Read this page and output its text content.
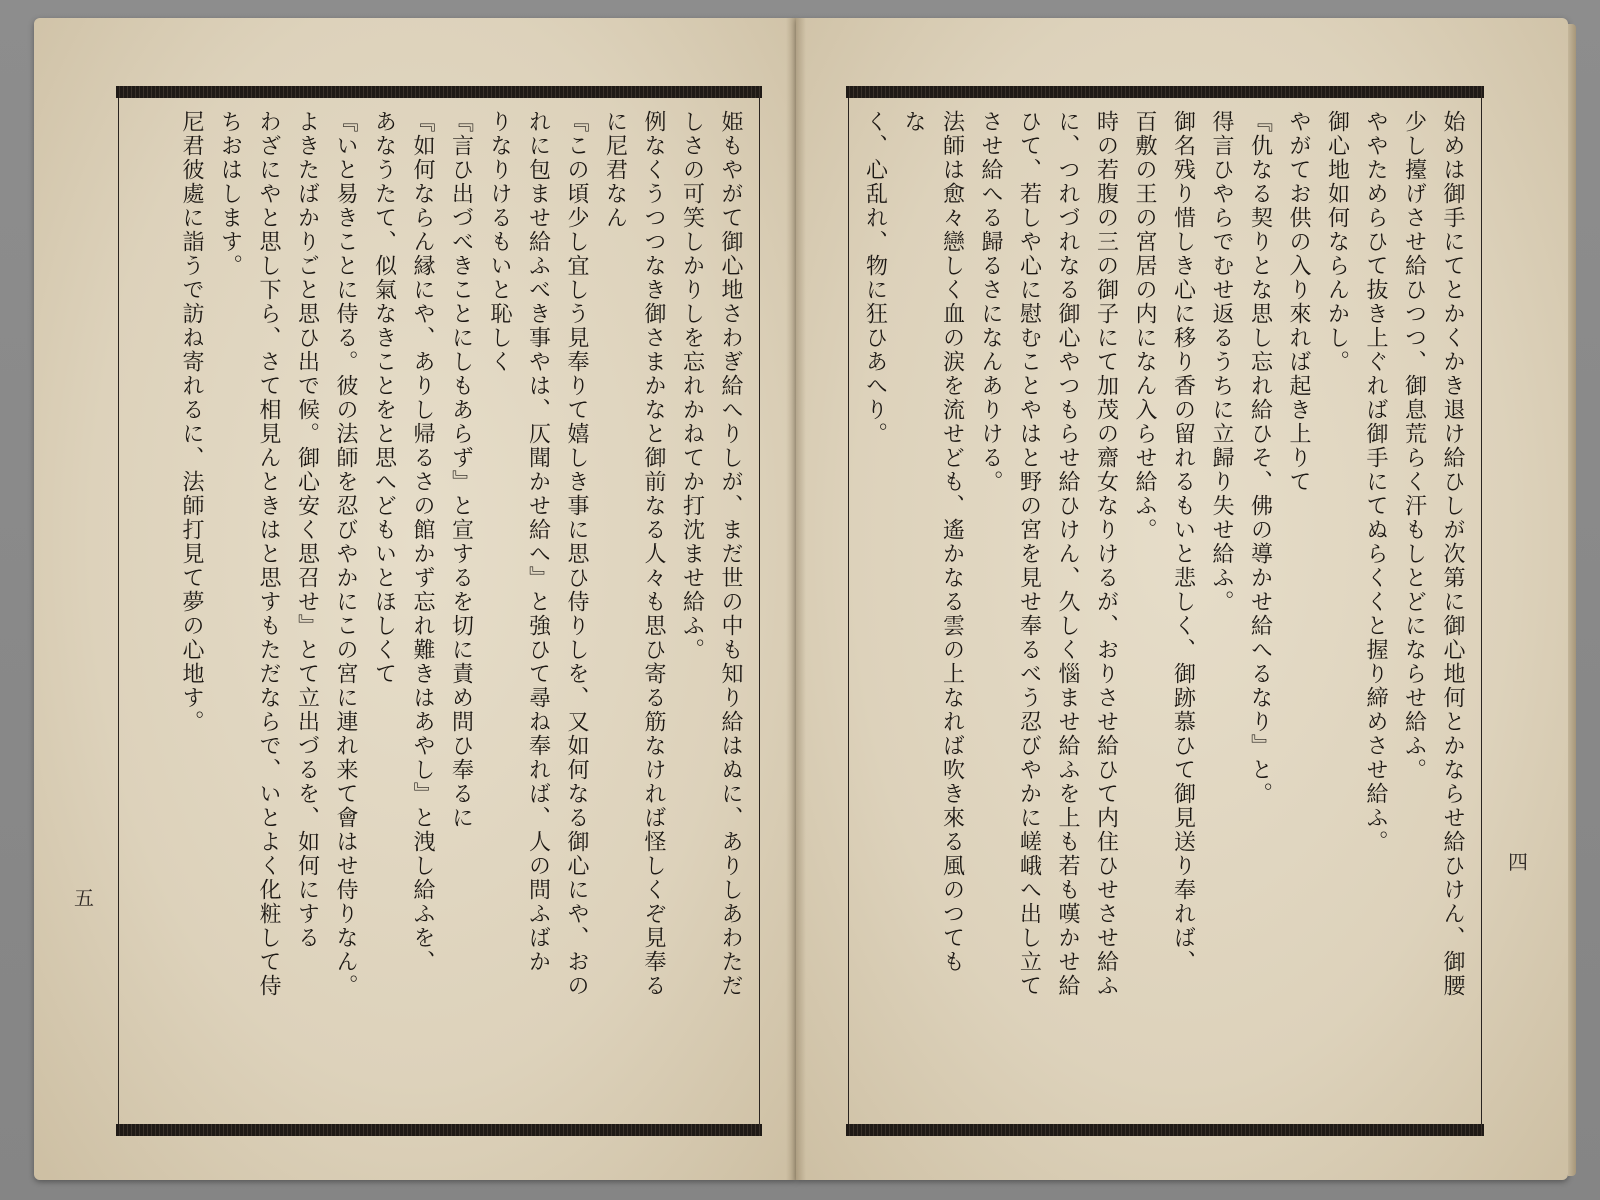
姫もやがて御心地さわぎ給へりしが、まだ世の中も知り給はぬに、ありしあわただ
しさの可笑しかりしを忘れかねてか打沈ませ給ふ。
例なくうつつなき御さまかなと御前なる人々も思ひ寄る筋なければ怪しくぞ見奉る
に尼君なん
『この頃少し宜しう見奉りて嬉しき事に思ひ侍りしを、又如何なる御心にや、おの
れに包ませ給ふべき事やは、仄聞かせ給へ』と強ひて尋ね奉れば、人の問ふばか
りなりけるもいと恥しく
『言ひ出づべきことにしもあらず』と宣するを切に責め問ひ奉るに
『如何ならん縁にや、ありし帰るさの館かず忘れ難きはあやし』と洩し給ふを、
あなうたて、似氣なきことをと思へどもいとほしくて
『いと易きことに侍る。彼の法師を忍びやかにこの宮に連れ来て會はせ侍りなん。
よきたばかりごと思ひ出で候。御心安く思召せ』とて立出づるを、如何にする
わざにやと思し下ら、さて相見んときはと思すもただならで、いとよく化粧して侍
ちおはします。
尼君彼處に詣うで訪ね寄れるに、法師打見て夢の心地す。
五	始めは御手にてとかくかき退け給ひしが次第に御心地何とかならせ給ひけん、御腰
少し擡げさせ給ひつつ、御息荒らく汗もしとどにならせ給ふ。
ややためらひて抜き上ぐれば御手にてぬらくくと握り締めさせ給ふ。
御心地如何ならんかし。
やがてお供の入り來れば起き上りて
『仇なる契りとな思し忘れ給ひそ、佛の導かせ給へるなり』と。
得言ひやらでむせ返るうちに立歸り失せ給ふ。
御名残り惜しき心に移り香の留れるもいと悲しく、御跡慕ひて御見送り奉れば、
百敷の王の宮居の内になん入らせ給ふ。
時の若腹の三の御子にて加茂の齋女なりけるが、おりさせ給ひて内住ひせさせ給ふ
に、つれづれなる御心やつもらせ給ひけん、久しく惱ませ給ふを上も若も嘆かせ給
ひて、若しや心に慰むことやはと野の宮を見せ奉るべう忍びやかに嵯峨へ出し立て
させ給へる歸るさになんありける。
法師は愈々戀しく血の涙を流せども、遙かなる雲の上なれば吹き來る風のつても
な
く、心乱れ、物に狂ひあへり。
四
